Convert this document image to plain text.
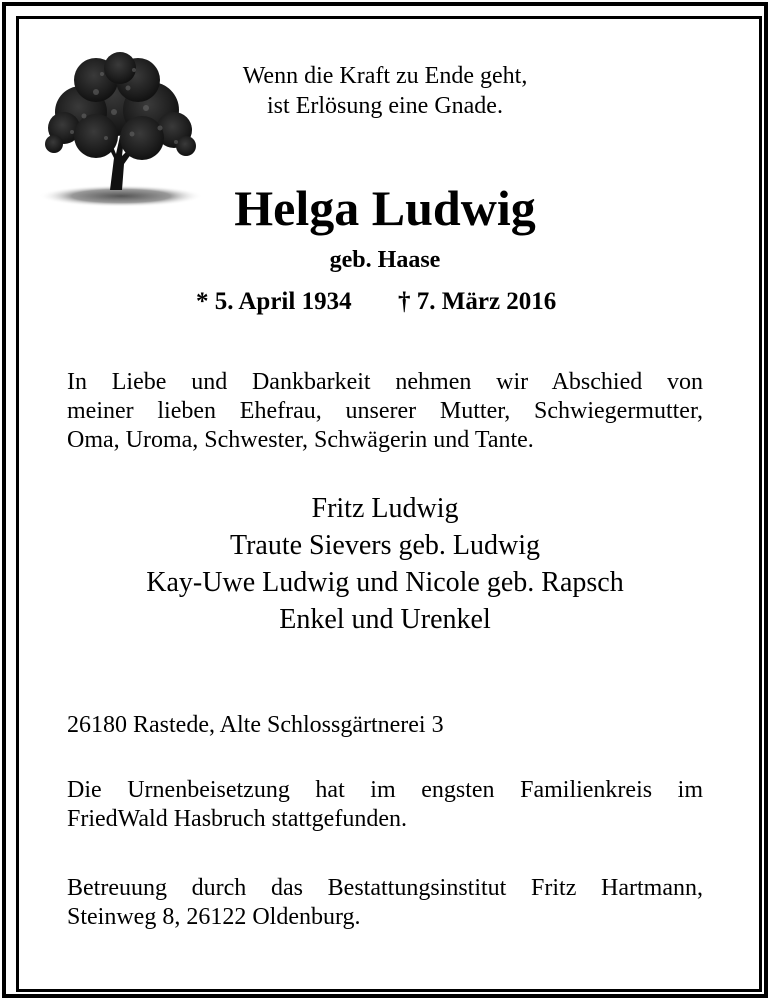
Wenn die Kraft zu Ende geht,

ist Erlösung eine Gnade.

Helga Ludwig

geb. Haase

* 5. April 1934 † 7. März 2016

In Liebe und Dankbarkeit nehmen wir Abschied von
meiner lieben Ehefrau, unserer Mutter, Schwiegermutter,
Oma, Uroma, Schwester, Schwägerin und Tante.

Fritz Ludwig

Traute Sievers geb. Ludwig

Kay-Uwe Ludwig und Nicole geb. Rapsch

Enkel und Urenkel

26180 Rastede, Alte Schlossgärtnerei 3

Die Urnenbeisetzung hat im engsten Familienkreis im
FriedWald Hasbruch stattgefunden.
Betreuung durch das Bestattungsinstitut Fritz Hartmann,
Steinweg 8, 26122 Oldenburg.
